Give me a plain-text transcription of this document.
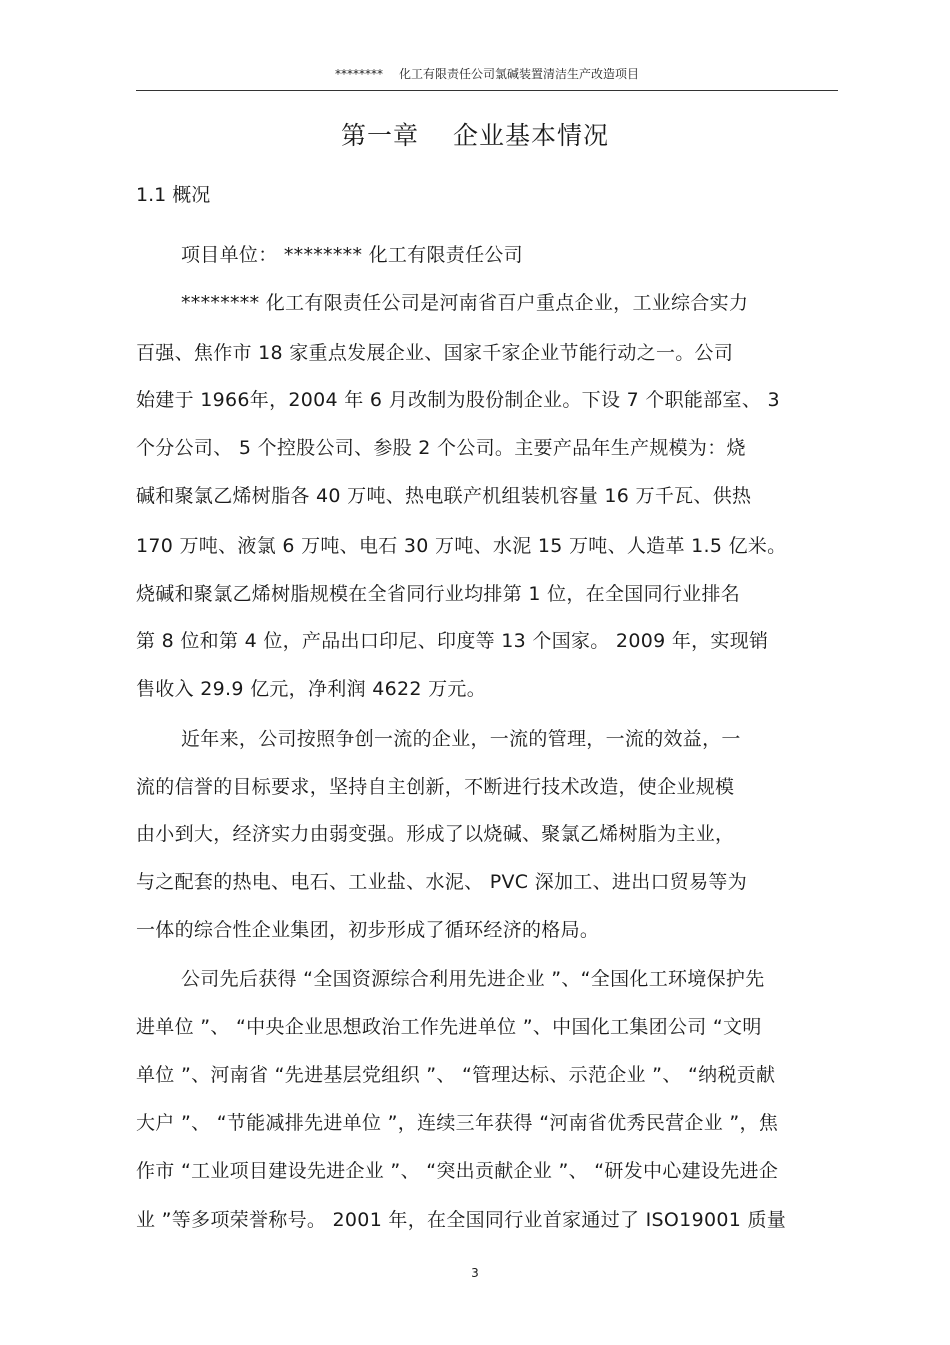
******** 化工有限责任公司氯碱装置清洁生产改造项目
第一章 企业基本情况
1.1 概况
项目单位： ******** 化工有限责任公司
******** 化工有限责任公司是河南省百户重点企业，工业综合实力
百强、焦作市 18 家重点发展企业、国家千家企业节能行动之一。公司
始建于 1966年，2004 年 6 月改制为股份制企业。下设 7 个职能部室、 3
个分公司、 5 个控股公司、参股 2 个公司。主要产品年生产规模为：烧
碱和聚氯乙烯树脂各 40 万吨、热电联产机组装机容量 16 万千瓦、供热
170 万吨、液氯 6 万吨、电石 30 万吨、水泥 15 万吨、人造革 1.5 亿米。
烧碱和聚氯乙烯树脂规模在全省同行业均排第 1 位，在全国同行业排名
第 8 位和第 4 位，产品出口印尼、印度等 13 个国家。 2009 年，实现销
售收入 29.9 亿元，净利润 4622 万元。
近年来，公司按照争创一流的企业，一流的管理，一流的效益，一
流的信誉的目标要求，坚持自主创新，不断进行技术改造，使企业规模
由小到大，经济实力由弱变强。形成了以烧碱、聚氯乙烯树脂为主业，
与之配套的热电、电石、工业盐、水泥、 PVC 深加工、进出口贸易等为
一体的综合性企业集团，初步形成了循环经济的格局。
公司先后获得 “全国资源综合利用先进企业 ”、“全国化工环境保护先
进单位 ”、 “中央企业思想政治工作先进单位 ”、中国化工集团公司 “文明
单位 ”、河南省 “先进基层党组织 ”、 “管理达标、示范企业 ”、 “纳税贡献
大户 ”、 “节能减排先进单位 ”，连续三年获得 “河南省优秀民营企业 ”，焦
作市 “工业项目建设先进企业 ”、 “突出贡献企业 ”、 “研发中心建设先进企
业 ”等多项荣誉称号。 2001 年，在全国同行业首家通过了 ISO19001 质量
3
